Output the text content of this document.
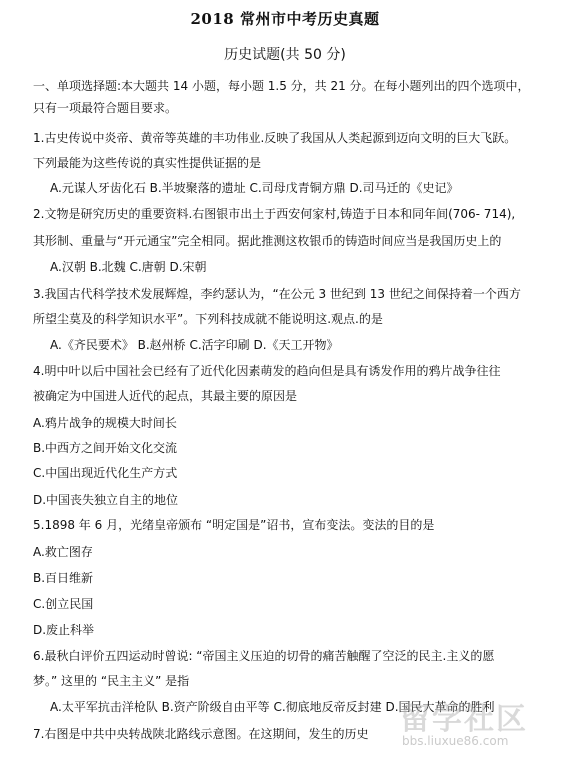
2018 常州市中考历史真题
历史试题(共 50 分)
一、单项选择题:本大题共 14 小题，每小题 1.5 分，共 21 分。在每小题列出的四个选项中，
只有一项最符合题目要求。
1.古史传说中炎帝、黄帝等英雄的丰功伟业.反映了我国从人类起源到迈向文明的巨大飞跃。
下列最能为这些传说的真实性提供证据的是
A.元谋人牙齿化石 B.半坡聚落的遗址 C.司母戊青铜方鼎 D.司马迁的《史记》
2.文物是研究历史的重要资料.右图银市出土于西安何家村,铸造于日本和同年间(706- 714),
其形制、重量与“开元通宝”完全相同。据此推测这枚银币的铸造时间应当是我国历史上的
A.汉朝 B.北魏 C.唐朝 D.宋朝
3.我国古代科学技术发展辉煌，李约瑟认为，“在公元 3 世纪到 13 世纪之间保持着一个西方
所望尘莫及的科学知识水平”。下列科技成就不能说明这.观点.的是
A.《齐民要术》 B.赵州桥 C.活字印刷 D.《天工开物》
4.明中叶以后中国社会已经有了近代化因素萌发的趋向但是具有诱发作用的鸦片战争往往
被确定为中国进人近代的起点，其最主要的原因是
A.鸦片战争的规模大时间长
B.中西方之间开始文化交流
C.中国出现近代化生产方式
D.中国丧失独立自主的地位
5.1898 年 6 月，光绪皇帝颁布 “明定国是”诏书，宣布变法。变法的目的是
A.救亡图存
B.百日维新
C.创立民国
D.废止科举
6.最秋白评价五四运动时曾说: “帝国主义压迫的切骨的痛苦触醒了空泛的民主.主义的愿
梦。” 这里的 “民主主义” 是指
A.太平军抗击洋枪队 B.资产阶级自由平等 C.彻底地反帝反封建 D.国民大革命的胜利
7.右图是中共中央转战陕北路线示意图。在这期间，发生的历史 留学社区
bbs.liuxue86.com
